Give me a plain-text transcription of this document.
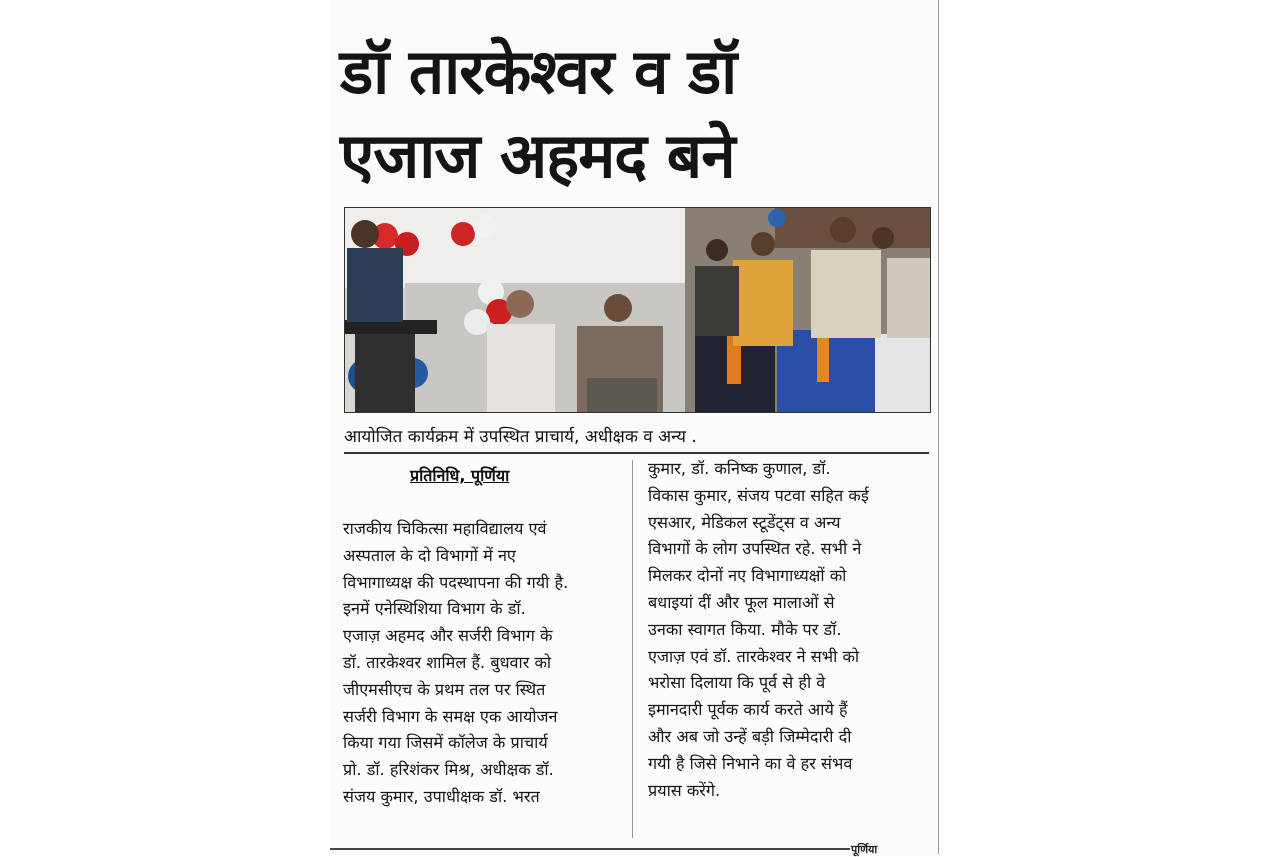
डॉ तारकेश्वर व डॉ
एजाज अहमद बने

आयोजित कार्यक्रम में उपस्थित प्राचार्य, अधीक्षक व अन्य .

प्रतिनिधि, पूर्णिया

राजकीय चिकित्सा महाविद्यालय एवं
अस्पताल के दो विभागों में नए
विभागाध्यक्ष की पदस्थापना की गयी है.
इनमें एनेस्थिशिया विभाग के डॉ.
एजाज़ अहमद और सर्जरी विभाग के
डॉ. तारकेश्वर शामिल हैं. बुधवार को
जीएमसीएच के प्रथम तल पर स्थित
सर्जरी विभाग के समक्ष एक आयोजन
किया गया जिसमें कॉलेज के प्राचार्य
प्रो. डॉ. हरिशंकर मिश्र, अधीक्षक डॉ.
संजय कुमार, उपाधीक्षक डॉ. भरत
कुमार, डॉ. कनिष्क कुणाल, डॉ.
विकास कुमार, संजय पटवा सहित कई
एसआर, मेडिकल स्टूडेंट्स व अन्य
विभागों के लोग उपस्थित रहे. सभी ने
मिलकर दोनों नए विभागाध्यक्षों को
बधाइयां दीं और फूल मालाओं से
उनका स्वागत किया. मौके पर डॉ.
एजाज़ एवं डॉ. तारकेश्वर ने सभी को
भरोसा दिलाया कि पूर्व से ही वे
इमानदारी पूर्वक कार्य करते आये हैं
और अब जो उन्हें बड़ी जिम्मेदारी दी
गयी है जिसे निभाने का वे हर संभव
प्रयास करेंगे.

पूर्णिया
